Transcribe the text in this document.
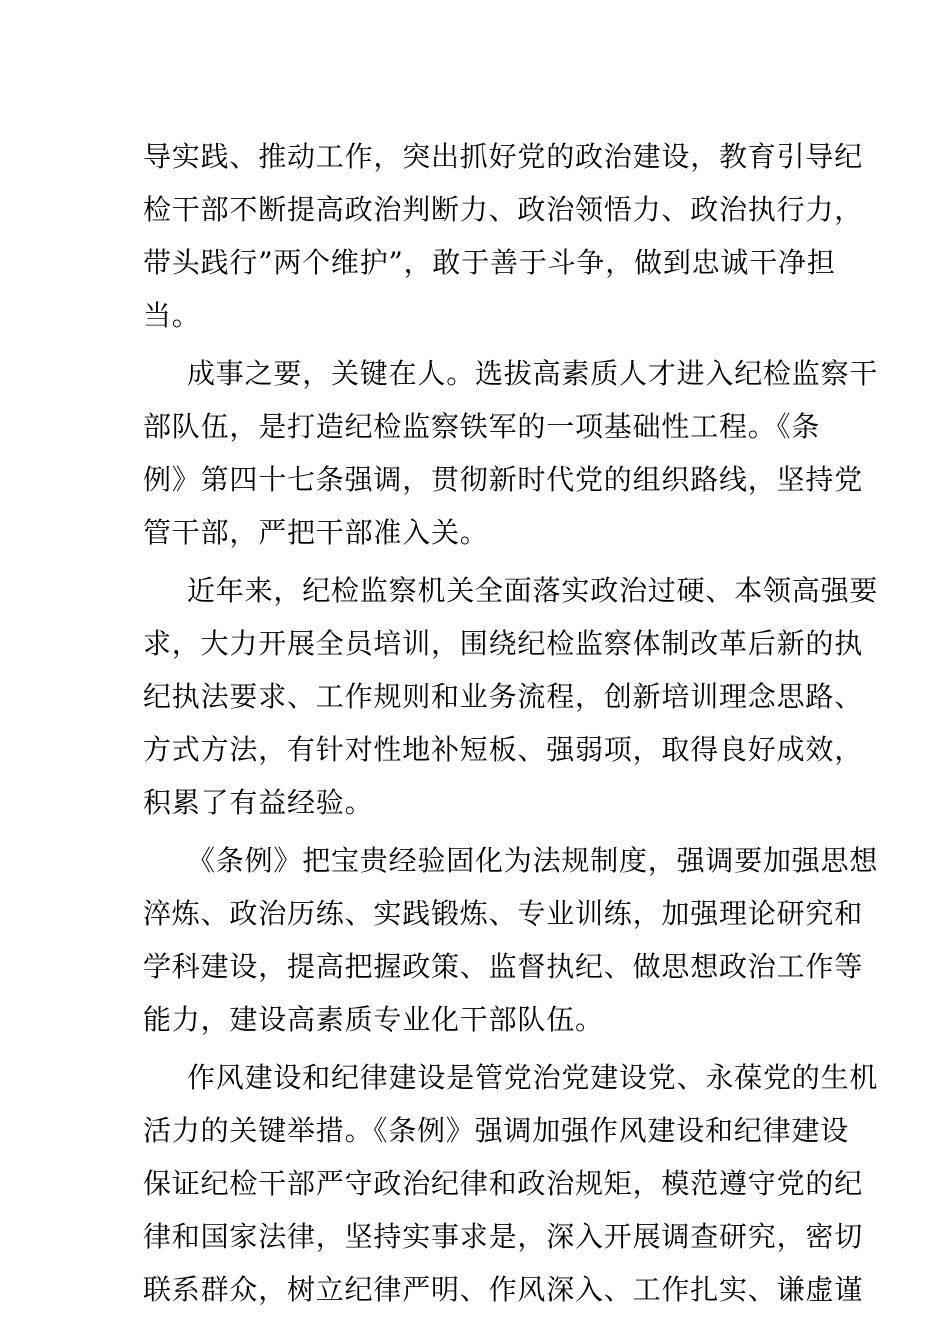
导实践、推动工作，突出抓好党的政治建设，教育引导纪
检干部不断提高政治判断力、政治领悟力、政治执行力，
带头践行”两个维护”，敢于善于斗争，做到忠诚干净担
当。
成事之要，关键在人。选拔高素质人才进入纪检监察干
部队伍，是打造纪检监察铁军的一项基础性工程。《条
例》第四十七条强调，贯彻新时代党的组织路线，坚持党
管干部，严把干部准入关。
近年来，纪检监察机关全面落实政治过硬、本领高强要
求，大力开展全员培训，围绕纪检监察体制改革后新的执
纪执法要求、工作规则和业务流程，创新培训理念思路、
方式方法，有针对性地补短板、强弱项，取得良好成效，
积累了有益经验。
《条例》把宝贵经验固化为法规制度，强调要加强思想
淬炼、政治历练、实践锻炼、专业训练，加强理论研究和
学科建设，提高把握政策、监督执纪、做思想政治工作等
能力，建设高素质专业化干部队伍。
作风建设和纪律建设是管党治党建设党、永葆党的生机
活力的关键举措。《条例》强调加强作风建设和纪律建设
保证纪检干部严守政治纪律和政治规矩，模范遵守党的纪
律和国家法律，坚持实事求是，深入开展调查研究，密切
联系群众，树立纪律严明、作风深入、工作扎实、谦虚谨
